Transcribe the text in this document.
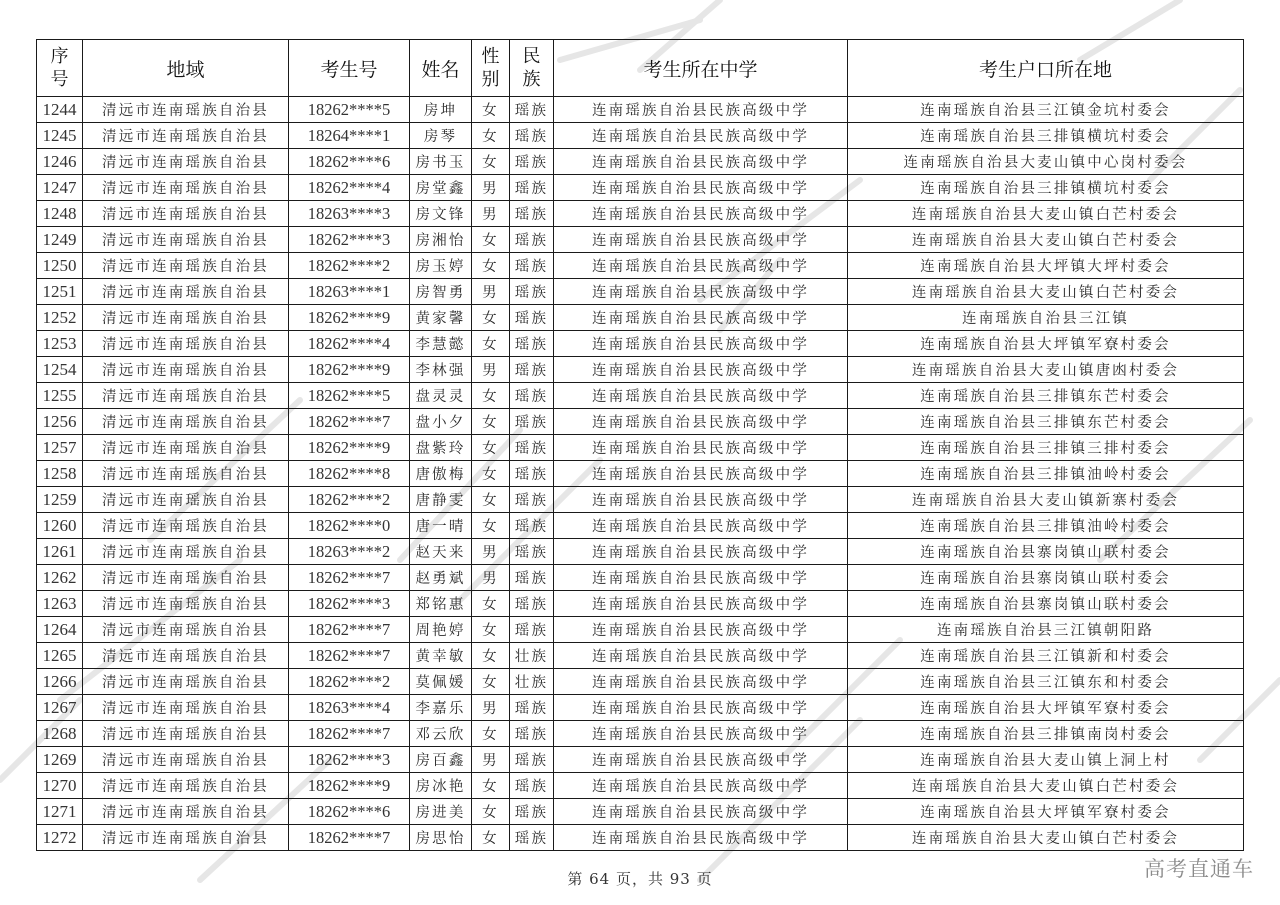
序号	地域	考生号	姓名	性别	民族	考生所在中学	考生户口所在地
1244	清远市连南瑶族自治县	18262****5	房坤	女	瑶族	连南瑶族自治县民族高级中学	连南瑶族自治县三江镇金坑村委会
1245	清远市连南瑶族自治县	18264****1	房琴	女	瑶族	连南瑶族自治县民族高级中学	连南瑶族自治县三排镇横坑村委会
1246	清远市连南瑶族自治县	18262****6	房书玉	女	瑶族	连南瑶族自治县民族高级中学	连南瑶族自治县大麦山镇中心岗村委会
1247	清远市连南瑶族自治县	18262****4	房堂鑫	男	瑶族	连南瑶族自治县民族高级中学	连南瑶族自治县三排镇横坑村委会
1248	清远市连南瑶族自治县	18263****3	房文锋	男	瑶族	连南瑶族自治县民族高级中学	连南瑶族自治县大麦山镇白芒村委会
1249	清远市连南瑶族自治县	18262****3	房湘怡	女	瑶族	连南瑶族自治县民族高级中学	连南瑶族自治县大麦山镇白芒村委会
1250	清远市连南瑶族自治县	18262****2	房玉婷	女	瑶族	连南瑶族自治县民族高级中学	连南瑶族自治县大坪镇大坪村委会
1251	清远市连南瑶族自治县	18263****1	房智勇	男	瑶族	连南瑶族自治县民族高级中学	连南瑶族自治县大麦山镇白芒村委会
1252	清远市连南瑶族自治县	18262****9	黄家馨	女	瑶族	连南瑶族自治县民族高级中学	连南瑶族自治县三江镇
1253	清远市连南瑶族自治县	18262****4	李慧懿	女	瑶族	连南瑶族自治县民族高级中学	连南瑶族自治县大坪镇军寮村委会
1254	清远市连南瑶族自治县	18262****9	李林强	男	瑶族	连南瑶族自治县民族高级中学	连南瑶族自治县大麦山镇唐凼村委会
1255	清远市连南瑶族自治县	18262****5	盘灵灵	女	瑶族	连南瑶族自治县民族高级中学	连南瑶族自治县三排镇东芒村委会
1256	清远市连南瑶族自治县	18262****7	盘小夕	女	瑶族	连南瑶族自治县民族高级中学	连南瑶族自治县三排镇东芒村委会
1257	清远市连南瑶族自治县	18262****9	盘紫玲	女	瑶族	连南瑶族自治县民族高级中学	连南瑶族自治县三排镇三排村委会
1258	清远市连南瑶族自治县	18262****8	唐傲梅	女	瑶族	连南瑶族自治县民族高级中学	连南瑶族自治县三排镇油岭村委会
1259	清远市连南瑶族自治县	18262****2	唐静雯	女	瑶族	连南瑶族自治县民族高级中学	连南瑶族自治县大麦山镇新寨村委会
1260	清远市连南瑶族自治县	18262****0	唐一晴	女	瑶族	连南瑶族自治县民族高级中学	连南瑶族自治县三排镇油岭村委会
1261	清远市连南瑶族自治县	18263****2	赵天来	男	瑶族	连南瑶族自治县民族高级中学	连南瑶族自治县寨岗镇山联村委会
1262	清远市连南瑶族自治县	18262****7	赵勇斌	男	瑶族	连南瑶族自治县民族高级中学	连南瑶族自治县寨岗镇山联村委会
1263	清远市连南瑶族自治县	18262****3	郑铭惠	女	瑶族	连南瑶族自治县民族高级中学	连南瑶族自治县寨岗镇山联村委会
1264	清远市连南瑶族自治县	18262****7	周艳婷	女	瑶族	连南瑶族自治县民族高级中学	连南瑶族自治县三江镇朝阳路
1265	清远市连南瑶族自治县	18262****7	黄幸敏	女	壮族	连南瑶族自治县民族高级中学	连南瑶族自治县三江镇新和村委会
1266	清远市连南瑶族自治县	18262****2	莫佩媛	女	壮族	连南瑶族自治县民族高级中学	连南瑶族自治县三江镇东和村委会
1267	清远市连南瑶族自治县	18263****4	李嘉乐	男	瑶族	连南瑶族自治县民族高级中学	连南瑶族自治县大坪镇军寮村委会
1268	清远市连南瑶族自治县	18262****7	邓云欣	女	瑶族	连南瑶族自治县民族高级中学	连南瑶族自治县三排镇南岗村委会
1269	清远市连南瑶族自治县	18262****3	房百鑫	男	瑶族	连南瑶族自治县民族高级中学	连南瑶族自治县大麦山镇上洞上村
1270	清远市连南瑶族自治县	18262****9	房冰艳	女	瑶族	连南瑶族自治县民族高级中学	连南瑶族自治县大麦山镇白芒村委会
1271	清远市连南瑶族自治县	18262****6	房进美	女	瑶族	连南瑶族自治县民族高级中学	连南瑶族自治县大坪镇军寮村委会
1272	清远市连南瑶族自治县	18262****7	房思怡	女	瑶族	连南瑶族自治县民族高级中学	连南瑶族自治县大麦山镇白芒村委会
第 64 页，共 93 页	高考直通车
